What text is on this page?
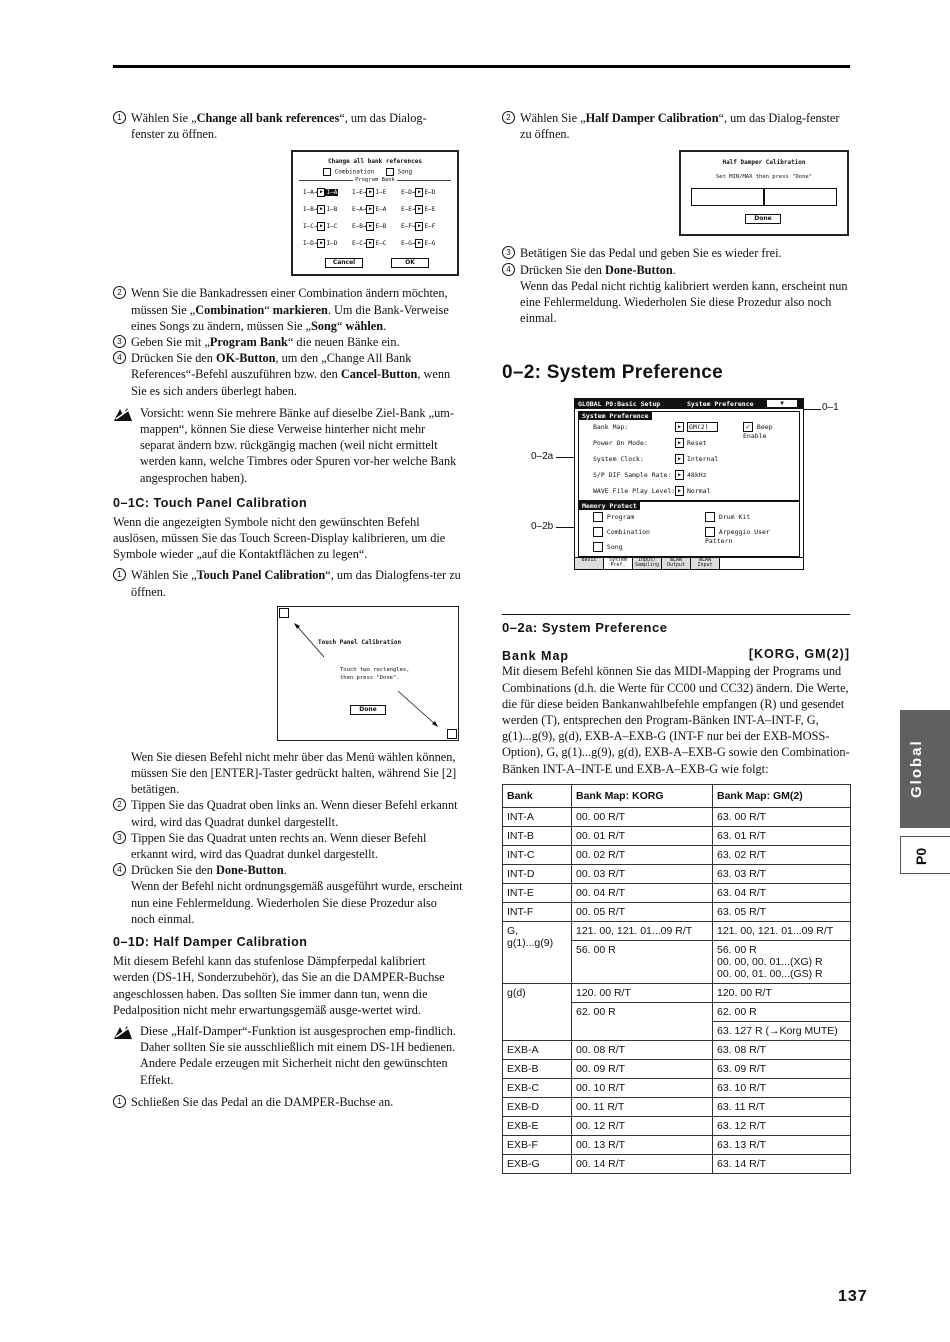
1 Wählen Sie „Change all bank references“, um das Dialog- fenster zu öffnen.
Change all bank references
Combination	Song
Program Bank
I–A→ ▶ I–A I–E→ ▶ I–E E–D→ ▶ E–D
I–B→ ▶ I–B E–A→ ▶ E–A E–E→ ▶ E–E
I–C→ ▶ I–C E–B→ ▶ E–B E–F→ ▶ E–F
I–D→ ▶ I–D E–C→ ▶ E–C E–G→ ▶ E–G
Cancel	OK
2 Wenn Sie die Bankadressen einer Combination ändern möchten, müssen Sie „Combination“ markieren. Um die Bank-Verweise eines Songs zu ändern, müssen Sie „Song“ wählen.
3 Geben Sie mit „Program Bank“ die neuen Bänke ein.
4 Drücken Sie den OK-Button, um den „Change All Bank References“-Befehl auszuführen bzw. den Cancel-Button, wenn Sie es sich anders überlegt haben.
Vorsicht: wenn Sie mehrere Bänke auf dieselbe Ziel-Bank „um-mappen“, können Sie diese Verweise hinterher nicht mehr separat ändern bzw. rückgängig machen (weil nicht ermittelt werden kann, welche Timbres oder Spuren vor-her welche Bank angesprochen haben).
0–1C: Touch Panel Calibration

Wenn die angezeigten Symbole nicht den gewünschten Befehl auslösen, müssen Sie das Touch Screen-Display kalibrieren, um die Symbole wieder „auf die Kontaktflächen zu legen“.

1 Wählen Sie „Touch Panel Calibration“, um das Dialogfens-ter zu öffnen.
Touch Panel Calibration
Touch two rectangles,
then press "Done".
Done
Wen Sie diesen Befehl nicht mehr über das Menü wählen können, müssen Sie den [ENTER]-Taster gedrückt halten, während Sie [2] betätigen.
2 Tippen Sie das Quadrat oben links an. Wenn dieser Befehl erkannt wird, wird das Quadrat dunkel dargestellt.
3 Tippen Sie das Quadrat unten rechts an. Wenn dieser Befehl erkannt wird, wird das Quadrat dunkel dargestellt.
4 Drücken Sie den Done-Button.
Wenn der Befehl nicht ordnungsgemäß ausgeführt wurde, erscheint nun eine Fehlermeldung. Wiederholen Sie diese Prozedur also noch einmal.
0–1D: Half Damper Calibration

Mit diesem Befehl kann das stufenlose Dämpferpedal kalibriert werden (DS-1H, Sonderzubehör), das Sie an die DAMPER-Buchse angeschlossen haben. Das sollten Sie immer dann tun, wenn die Pedalposition nicht mehr erwartungsgemäß ausge-wertet wird.

Diese „Half-Damper“-Funktion ist ausgesprochen emp-findlich. Daher sollten Sie sie ausschließlich mit einem DS-1H bedienen. Andere Pedale erzeugen mit Sicherheit nicht den gewünschten Effekt.
1 Schließen Sie das Pedal an die DAMPER-Buchse an.
2 Wählen Sie „Half Damper Calibration“, um das Dialog-fenster zu öffnen.
Half Damper Calibration
Set MIN/MAX then press "Done"
Done
3 Betätigen Sie das Pedal und geben Sie es wieder frei.
4 Drücken Sie den Done-Button.
Wenn das Pedal nicht richtig kalibriert werden kann, erscheint nun eine Fehlermeldung. Wiederholen Sie diese Prozedur also noch einmal.
0–2: System Preference
0–1
0–2a
0–2b
GLOBAL P0:Basic Setup	System Preference	▼
System Preference
Bank Map:	▶ GM(2)
Power On Mode:	▶ Reset
System Clock:	▶ Internal
S/P DIF Sample Rate: ▶ 48kHz
WAVE File Play Level: ▶ Normal
✓ Beep Enable
Memory Protect
Program	Drum Kit
Combination	Arpeggio User Pattern
Song
Basic System Pref.Input/ SamplingmLAN OutputmLAN Input
0–2a: System Preference
Bank Map	[KORG, GM(2)]

Mit diesem Befehl können Sie das MIDI-Mapping der Programs und Combinations (d.h. die Werte für CC00 und CC32) ändern. Die Werte, die für diese beiden Bankanwahlbefehle empfangen (R) und gesendet werden (T), entsprechen den Program-Bänken INT-A–INT-F, G, g(1)...g(9), g(d), EXB-A–EXB-G (INT-F nur bei der EXB-MOSS-Option), G, g(1)...g(9), g(d), EXB-A–EXB-G sowie den Combination-Bänken INT-A–INT-E und EXB-A–EXB-G wie folgt:

Bank	Bank Map: KORG	Bank Map: GM(2)
INT-A	00. 00 R/T	63. 00 R/T
INT-B	00. 01 R/T	63. 01 R/T
INT-C	00. 02 R/T	63. 02 R/T
INT-D	00. 03 R/T	63. 03 R/T
INT-E	00. 04 R/T	63. 04 R/T
INT-F	00. 05 R/T	63. 05 R/T
G, g(1)...g(9)	121. 00, 121. 01...09 R/T	121. 00, 121. 01...09 R/T
	56. 00 R	56. 00 R
00. 00, 00. 01...(XG) R
00. 00, 01. 00...(GS) R
g(d)	120. 00 R/T	120. 00 R/T
	62. 00 R	62. 00 R
		63. 127 R (→Korg MUTE)
EXB-A	00. 08 R/T	63. 08 R/T
EXB-B	00. 09 R/T	63. 09 R/T
EXB-C	00. 10 R/T	63. 10 R/T
EXB-D	00. 11 R/T	63. 11 R/T
EXB-E	00. 12 R/T	63. 12 R/T
EXB-F	00. 13 R/T	63. 13 R/T
EXB-G	00. 14 R/T	63. 14 R/T
Global
P0
137
